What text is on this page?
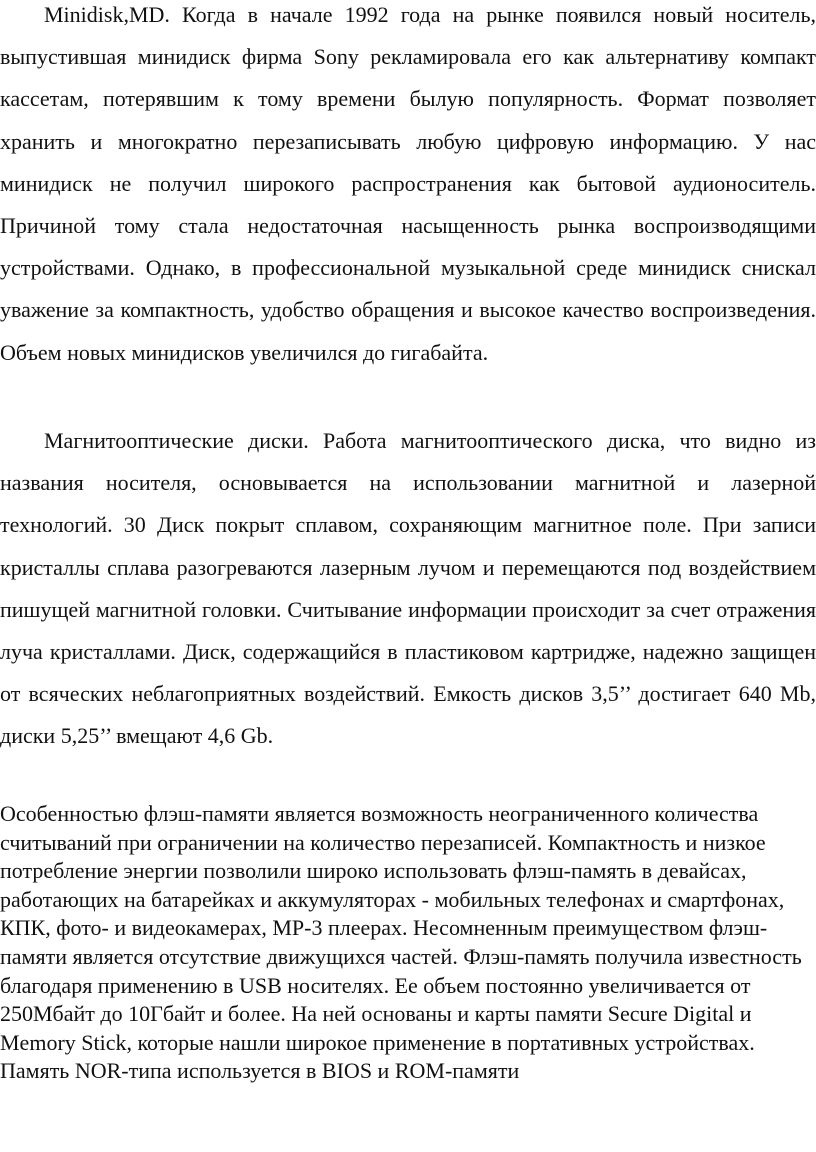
Minidisk,MD. Когда в начале 1992 года на рынке появился новый носитель, выпустившая минидиск фирма Sony рекламировала его как альтернативу компакт кассетам, потерявшим к тому времени былую популярность. Формат позволяет хранить и многократно перезаписывать любую цифровую информацию. У нас минидиск не получил широкого распространения как бытовой аудионоситель. Причиной тому стала недостаточная насыщенность рынка воспроизводящими устройствами. Однако, в профессиональной музыкальной среде минидиск снискал уважение за компактность, удобство обращения и высокое качество воспроизведения. Объем новых минидисков увеличился до гигабайта.

Магнитооптические диски. Работа магнитооптического диска, что видно из названия носителя, основывается на использовании магнитной и лазерной технологий. 30 Диск покрыт сплавом, сохраняющим магнитное поле. При записи кристаллы сплава разогреваются лазерным лучом и перемещаются под воздействием пишущей магнитной головки. Считывание информации происходит за счет отражения луча кристаллами. Диск, содержащийся в пластиковом картридже, надежно защищен от всяческих неблагоприятных воздействий. Емкость дисков 3,5’’ достигает 640 Mb, диски 5,25’’ вмещают 4,6 Gb.

Особенностью флэш-памяти является возможность неограниченного количества считываний при ограничении на количество перезаписей. Компактность и низкое потребление энергии позволили широко использовать флэш-память в девайсах, работающих на батарейках и аккумуляторах - мобильных телефонах и смартфонах, КПК, фото- и видеокамерах, MP-3 плеерах. Несомненным преимуществом флэш-памяти является отсутствие движущихся частей. Флэш-память получила известность благодаря применению в USB носителях. Ее объем постоянно увеличивается от 250Мбайт до 10Гбайт и более. На ней основаны и карты памяти Secure Digital и Memory Stick, которые нашли широкое применение в портативных устройствах. Память NOR-типа используется в BIOS и ROM-памяти
